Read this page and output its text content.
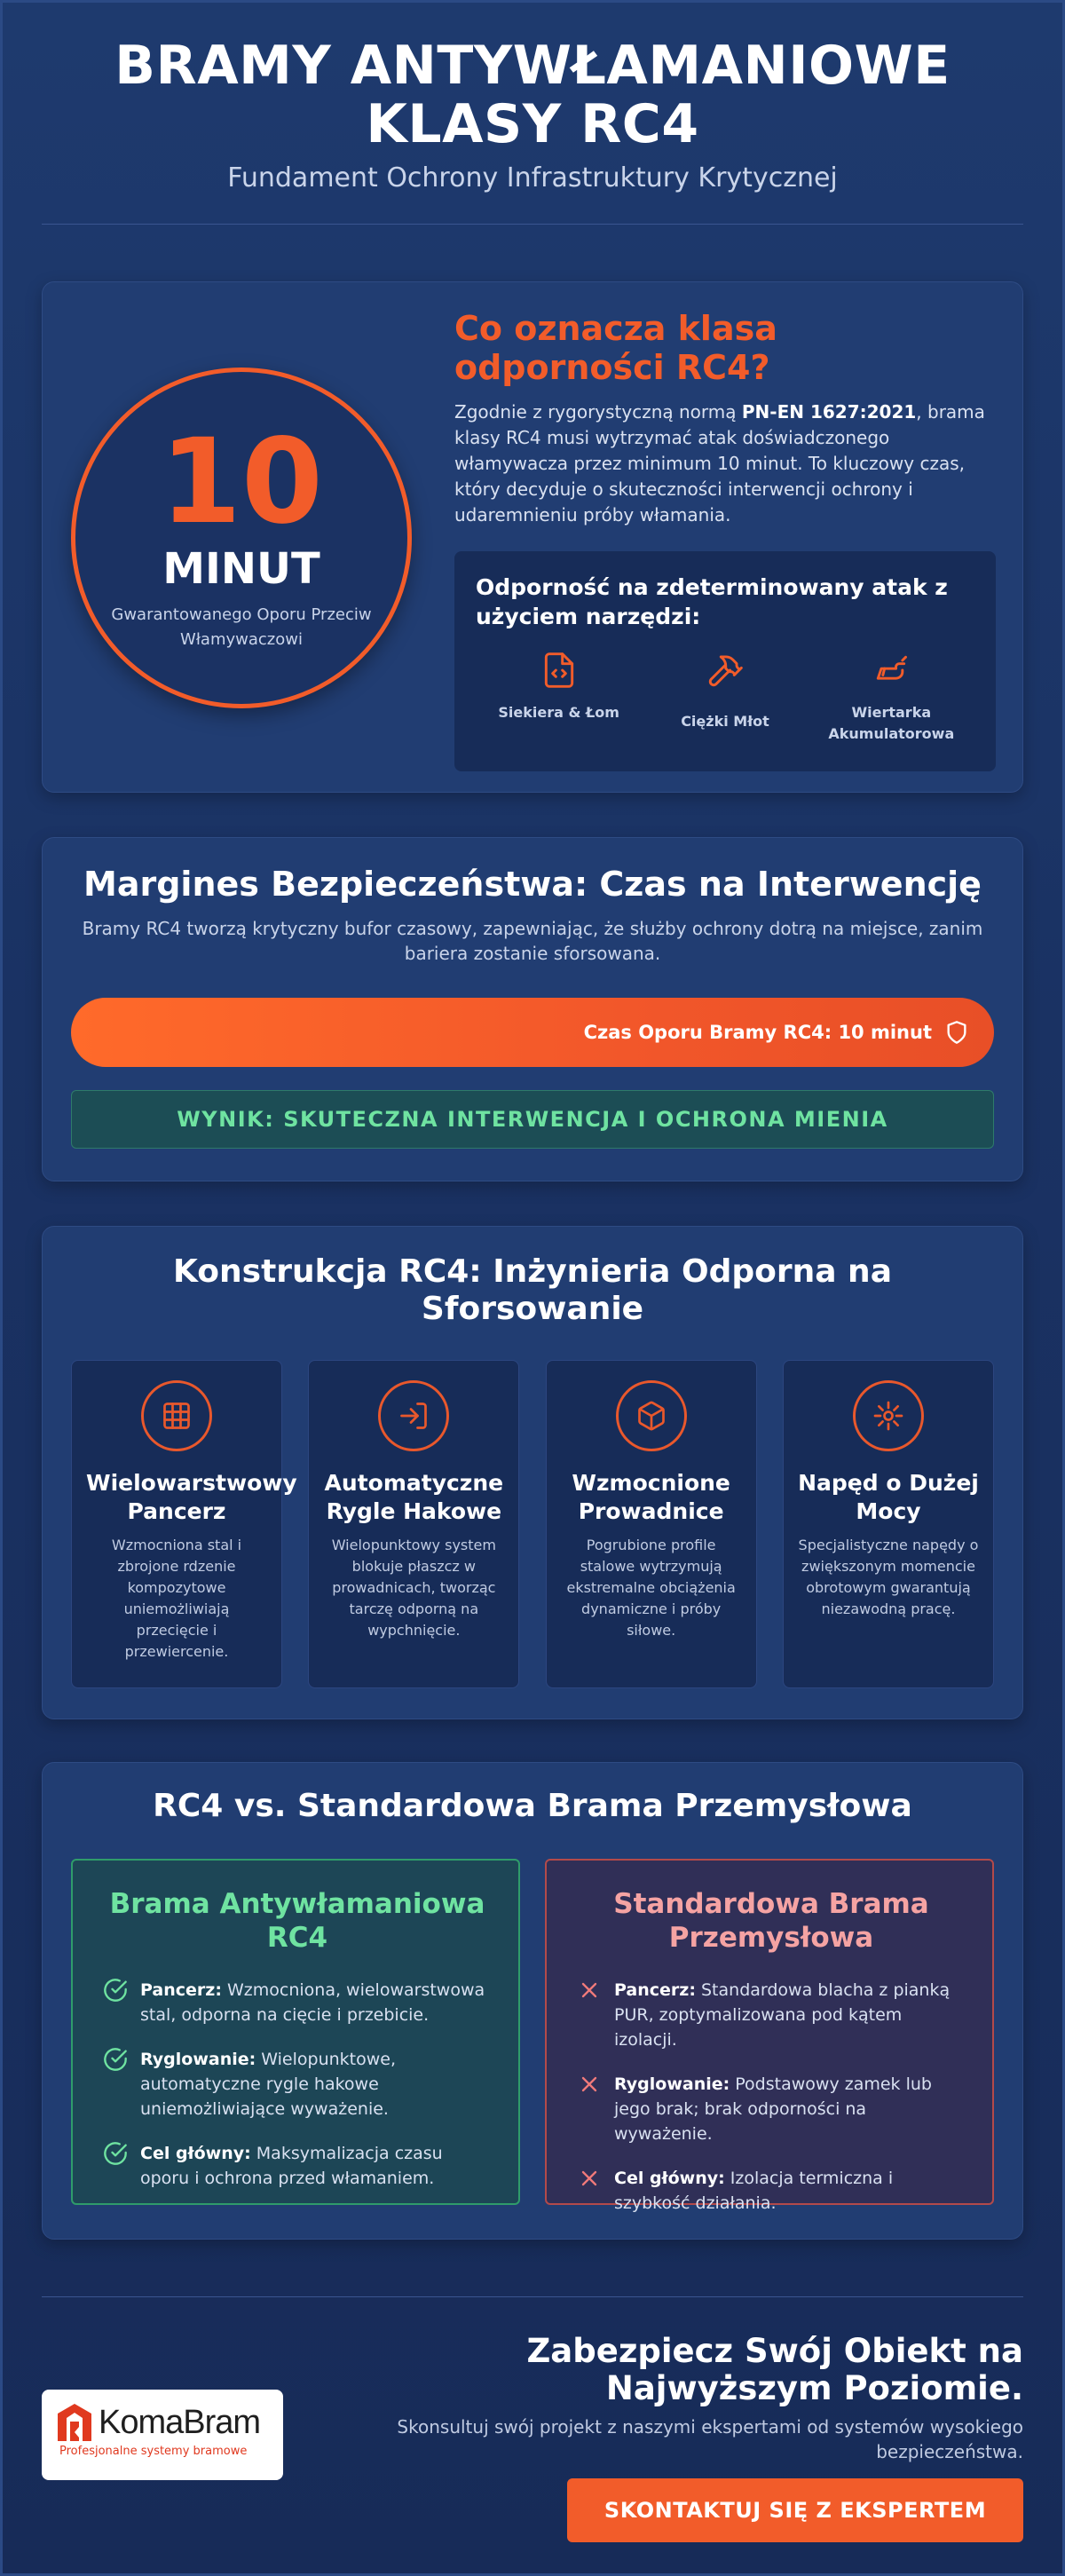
BRAMY ANTYWŁAMANIOWE KLASY RC4
Fundament Ochrony Infrastruktury Krytycznej
10
MINUT
Gwarantowanego Oporu Przeciw Włamywaczowi
Co oznacza klasa odporności RC4?

Zgodnie z rygorystyczną normą PN-EN 1627:2021, brama klasy RC4 musi wytrzymać atak doświadczonego włamywacza przez minimum 10 minut. To kluczowy czas, który decyduje o skuteczności interwencji ochrony i udaremnieniu próby włamania.

Odporność na zdeterminowany atak z użyciem narzędzi:
Siekiera & Łom
Ciężki Młot
Wiertarka Akumulatorowa
Margines Bezpieczeństwa: Czas na Interwencję

Bramy RC4 tworzą krytyczny bufor czasowy, zapewniając, że służby ochrony dotrą na miejsce, zanim bariera zostanie sforsowana.

Czas Oporu Bramy RC4: 10 minut
WYNIK: SKUTECZNA INTERWENCJA I OCHRONA MIENIA
Konstrukcja RC4: Inżynieria Odporna na Sforsowanie
Wielowarstwowy Pancerz

Wzmocniona stal i zbrojone rdzenie kompozytowe uniemożliwiają przecięcie i przewiercenie.

Automatyczne Rygle Hakowe

Wielopunktowy system blokuje płaszcz w prowadnicach, tworząc tarczę odporną na wypchnięcie.

Wzmocnione Prowadnice

Pogrubione profile stalowe wytrzymują ekstremalne obciążenia dynamiczne i próby siłowe.

Napęd o Dużej Mocy

Specjalistyczne napędy o zwiększonym momencie obrotowym gwarantują niezawodną pracę.

RC4 vs. Standardowa Brama Przemysłowa
Brama Antywłamaniowa RC4
Pancerz: Wzmocniona, wielowarstwowa stal, odporna na cięcie i przebicie.
Ryglowanie: Wielopunktowe, automatyczne rygle hakowe uniemożliwiające wyważenie.
Cel główny: Maksymalizacja czasu oporu i ochrona przed włamaniem.
Standardowa Brama Przemysłowa
Pancerz: Standardowa blacha z pianką PUR, zoptymalizowana pod kątem izolacji.
Ryglowanie: Podstawowy zamek lub jego brak; brak odporności na wyważenie.
Cel główny: Izolacja termiczna i szybkość działania.
KomaBram
Profesjonalne systemy bramowe
Zabezpiecz Swój Obiekt na Najwyższym Poziomie.

Skonsultuj swój projekt z naszymi ekspertami od systemów wysokiego bezpieczeństwa.

SKONTAKTUJ SIĘ Z EKSPERTEM
